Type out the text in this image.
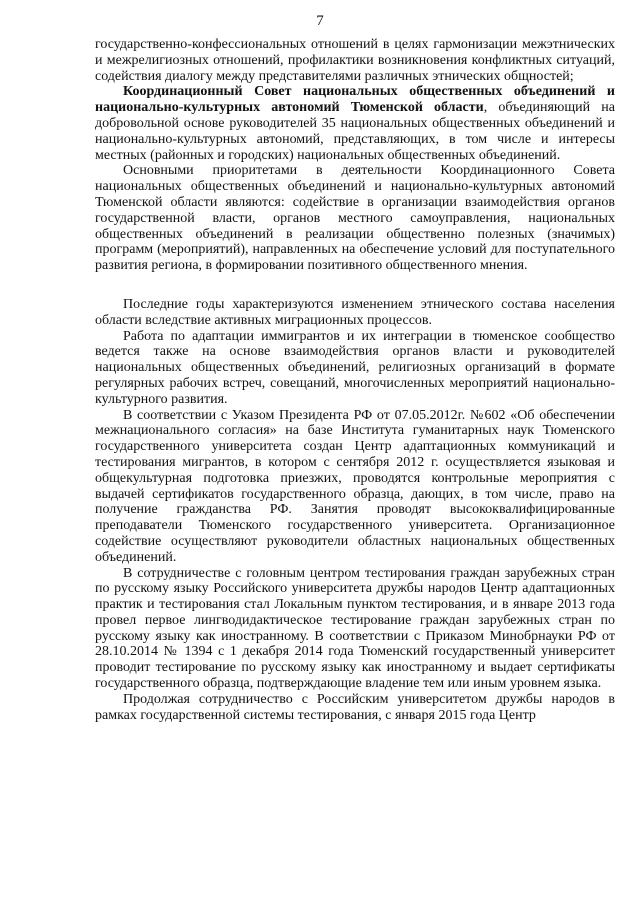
7

государственно-конфессиональных отношений в целях гармонизации межэтнических и межрелигиозных отношений, профилактики возникновения конфликтных ситуаций, содействия диалогу между представителями различных этнических общностей;

Координационный Совет национальных общественных объединений и национально-культурных автономий Тюменской области, объединяющий на добровольной основе руководителей 35 национальных общественных объединений и национально-культурных автономий, представляющих, в том числе и интересы местных (районных и городских) национальных общественных объединений.

Основными приоритетами в деятельности Координационного Совета национальных общественных объединений и национально-культурных автономий Тюменской области являются: содействие в организации взаимодействия органов государственной власти, органов местного самоуправления, национальных общественных объединений в реализации общественно полезных (значимых) программ (мероприятий), направленных на обеспечение условий для поступательного развития региона, в формировании позитивного общественного мнения.

Последние годы характеризуются изменением этнического состава населения области вследствие активных миграционных процессов.

Работа по адаптации иммигрантов и их интеграции в тюменское сообщество ведется также на основе взаимодействия органов власти и руководителей национальных общественных объединений, религиозных организаций в формате регулярных рабочих встреч, совещаний, многочисленных мероприятий национально-культурного развития.

В соответствии с Указом Президента РФ от 07.05.2012г. №602 «Об обеспечении межнационального согласия» на базе Института гуманитарных наук Тюменского государственного университета создан Центр адаптационных коммуникаций и тестирования мигрантов, в котором с сентября 2012 г. осуществляется языковая и общекультурная подготовка приезжих, проводятся контрольные мероприятия с выдачей сертификатов государственного образца, дающих, в том числе, право на получение гражданства РФ. Занятия проводят высококвалифицированные преподаватели Тюменского государственного университета. Организационное содействие осуществляют руководители областных национальных общественных объединений.

В сотрудничестве с головным центром тестирования граждан зарубежных стран по русскому языку Российского университета дружбы народов Центр адаптационных практик и тестирования стал Локальным пунктом тестирования, и в январе 2013 года провел первое лингводидактическое тестирование граждан зарубежных стран по русскому языку как иностранному. В соответствии с Приказом Минобрнауки РФ от 28.10.2014 № 1394 с 1 декабря 2014 года Тюменский государственный университет проводит тестирование по русскому языку как иностранному и выдает сертификаты государственного образца, подтверждающие владение тем или иным уровнем языка.

Продолжая сотрудничество с Российским университетом дружбы народов в рамках государственной системы тестирования, с января 2015 года Центр
